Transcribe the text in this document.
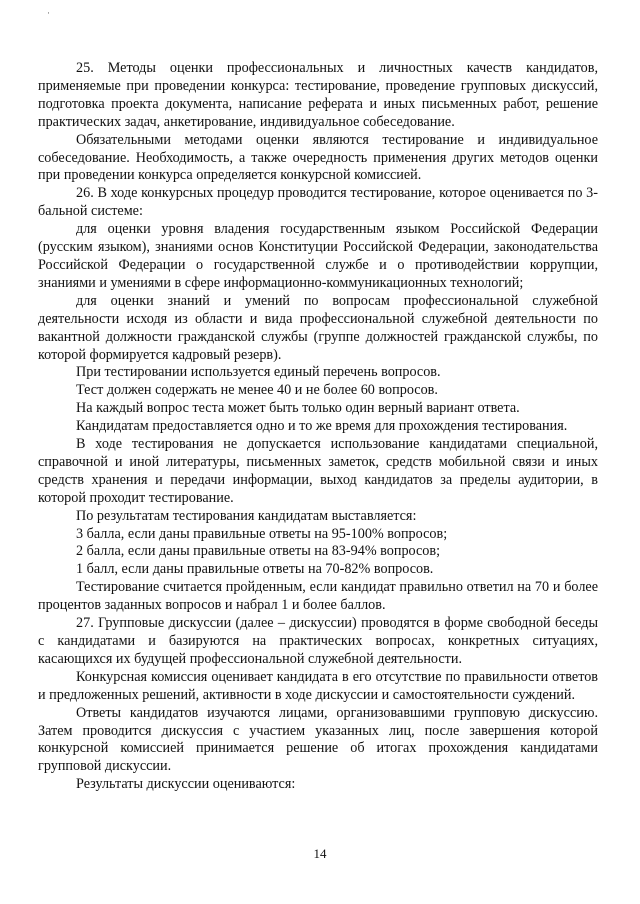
·

25. Методы оценки профессиональных и личностных качеств кандидатов, применяемые при проведении конкурса: тестирование, проведение групповых дискуссий, подготовка проекта документа, написание реферата и иных письменных работ, решение практических задач, анкетирование, индивидуальное собеседование.

Обязательными методами оценки являются тестирование и индивидуальное собеседование. Необходимость, а также очередность применения других методов оценки при проведении конкурса определяется конкурсной комиссией.

26. В ходе конкурсных процедур проводится тестирование, которое оценивается по 3-бальной системе:

для оценки уровня владения государственным языком Российской Федерации (русским языком), знаниями основ Конституции Российской Федерации, законодательства Российской Федерации о государственной службе и о противодействии коррупции, знаниями и умениями в сфере информационно-коммуникационных технологий;

для оценки знаний и умений по вопросам профессиональной служебной деятельности исходя из области и вида профессиональной служебной деятельности по вакантной должности гражданской службы (группе должностей гражданской службы, по которой формируется кадровый резерв).

При тестировании используется единый перечень вопросов.

Тест должен содержать не менее 40 и не более 60 вопросов.

На каждый вопрос теста может быть только один верный вариант ответа.

Кандидатам предоставляется одно и то же время для прохождения тестирования.

В ходе тестирования не допускается использование кандидатами специальной, справочной и иной литературы, письменных заметок, средств мобильной связи и иных средств хранения и передачи информации, выход кандидатов за пределы аудитории, в которой проходит тестирование.

По результатам тестирования кандидатам выставляется:

3 балла, если даны правильные ответы на 95-100% вопросов;

2 балла, если даны правильные ответы на 83-94% вопросов;

1 балл, если даны правильные ответы на 70-82% вопросов.

Тестирование считается пройденным, если кандидат правильно ответил на 70 и более процентов заданных вопросов и набрал 1 и более баллов.

27. Групповые дискуссии (далее – дискуссии) проводятся в форме свободной беседы с кандидатами и базируются на практических вопросах, конкретных ситуациях, касающихся их будущей профессиональной служебной деятельности.

Конкурсная комиссия оценивает кандидата в его отсутствие по правильности ответов и предложенных решений, активности в ходе дискуссии и самостоятельности суждений.

Ответы кандидатов изучаются лицами, организовавшими групповую дискуссию. Затем проводится дискуссия с участием указанных лиц, после завершения которой конкурсной комиссией принимается решение об итогах прохождения кандидатами групповой дискуссии.

Результаты дискуссии оцениваются:

14
